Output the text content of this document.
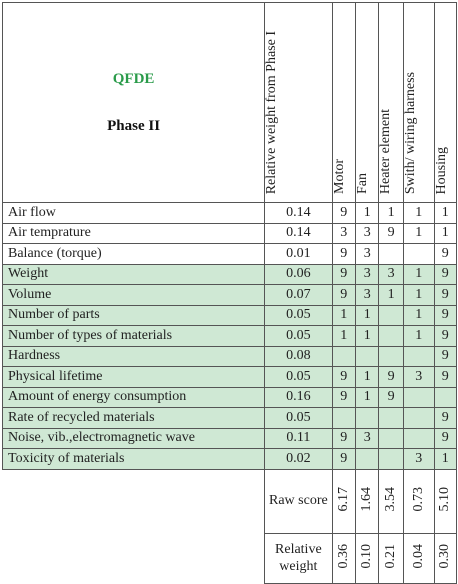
QFDE
Phase II	Relative weight from Phase I	Motor	Fan	Heater element	Swith/ wiring harness	Housing
Air flow	0.14	9	1	1	1	1
Air temprature	0.14	3	3	9	1	1
Balance (torque)	0.01	9	3			9
Weight	0.06	9	3	3	1	9
Volume	0.07	9	3	1	1	9
Number of parts	0.05	1	1		1	9
Number of types of materials	0.05	1	1		1	9
Hardness	0.08					9
Physical lifetime	0.05	9	1	9	3	9
Amount of energy consumption	0.16	9	1	9		
Rate of recycled materials	0.05					9
Noise, vib.,electromagnetic wave	0.11	9	3			9
Toxicity of materials	0.02	9			3	1
	Raw score	6.17	1.64	3.54	0.73	5.10
	Relative weight	0.36	0.10	0.21	0.04	0.30
